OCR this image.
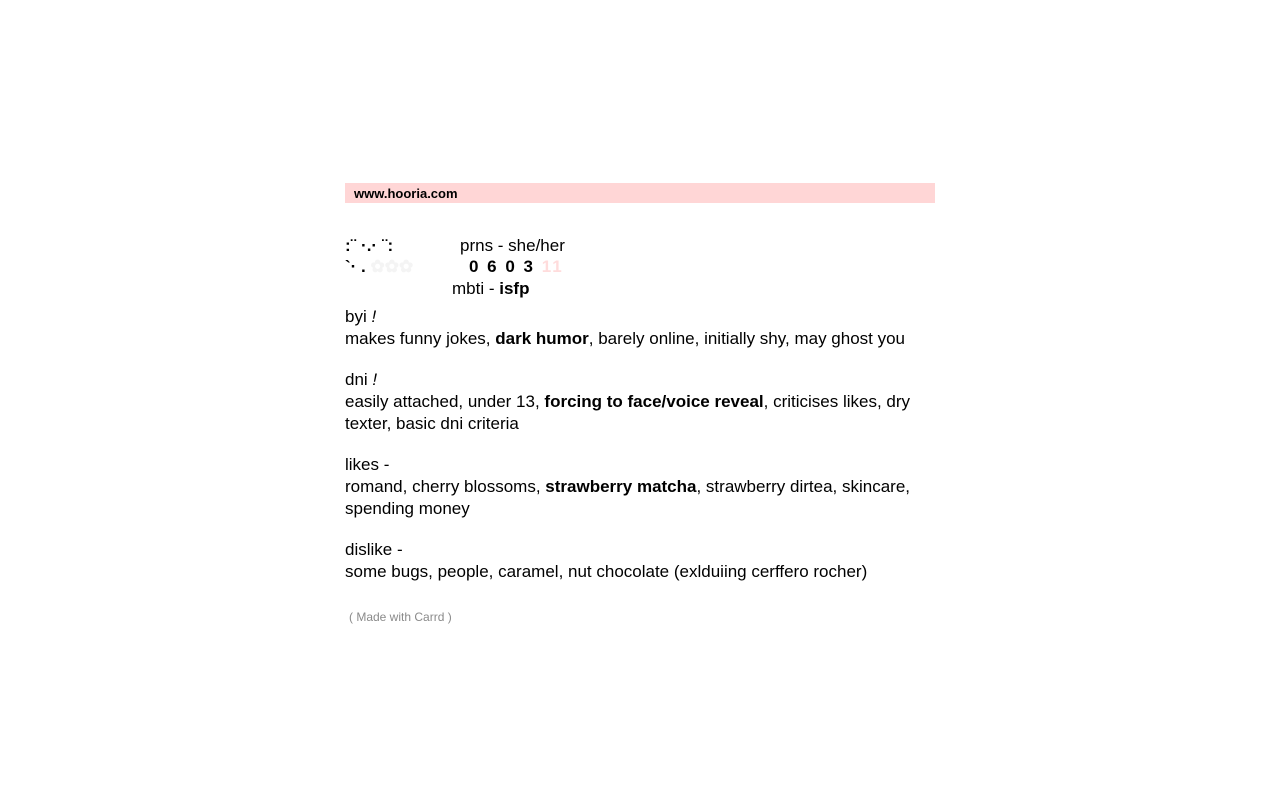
www.hooria.com
:¨ ·.· ¨:
`· . ✿✿✿
prns - she/her
0 6 0 3 11
mbti - isfp
byi !
makes funny jokes, dark humor, barely online, initially shy, may ghost you
dni !
easily attached, under 13, forcing to face/voice reveal, criticises likes, dry texter, basic dni criteria
likes -
romand, cherry blossoms, strawberry matcha, strawberry dirtea, skincare, spending money
dislike -
some bugs, people, caramel, nut chocolate (exlduiing cerffero rocher)
( Made with Carrd )
